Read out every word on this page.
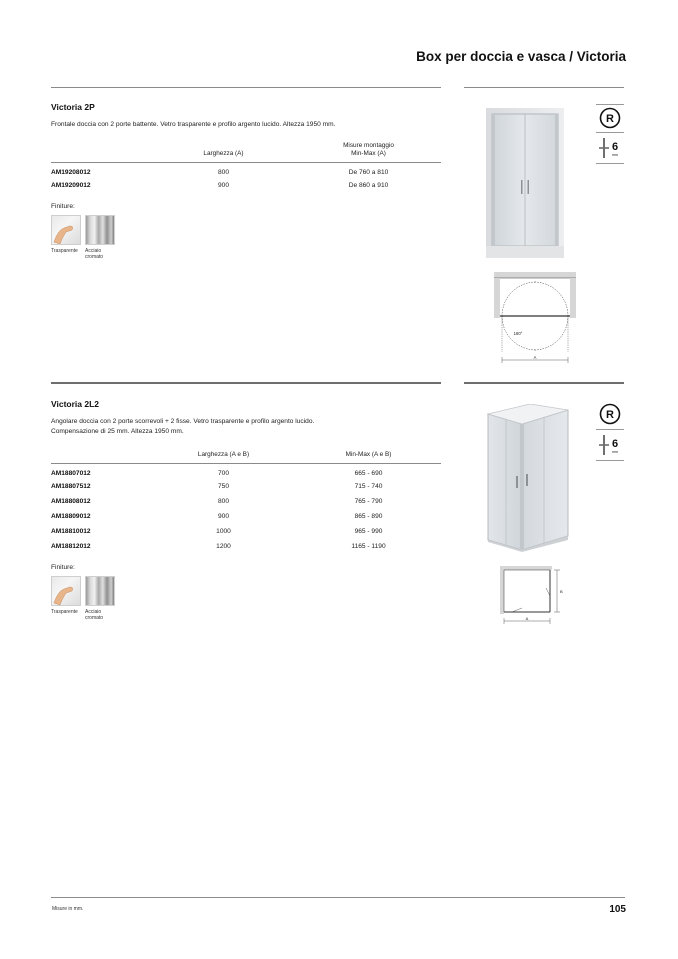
Box per doccia e vasca / Victoria
Victoria 2P
Frontale doccia con 2 porte battente. Vetro trasparente e profilo argento lucido. Altezza 1950 mm.
	Larghezza (A)	Misure montaggio
Min-Max (A)
AM19208012	800	De 760 a 810
AM19209012	900	De 860 a 910
Finiture:
Trasparente	Acciaio
cromato
R
6
mm
180°
A
Victoria 2L2
Angolare doccia con 2 porte scorrevoli + 2 fisse. Vetro trasparente e profilo argento lucido.
Compensazione di 25 mm. Altezza 1950 mm.
	Larghezza (A e B)	Min-Max (A e B)
AM18807012	700	665 - 690
AM18807512	750	715 - 740
AM18808012	800	765 - 790
AM18809012	900	865 - 890
AM18810012	1000	965 - 990
AM18812012	1200	1165 - 1190
Finiture:
Trasparente	Acciaio
cromato
R
6
mm
A
B
Misure in mm.	105
